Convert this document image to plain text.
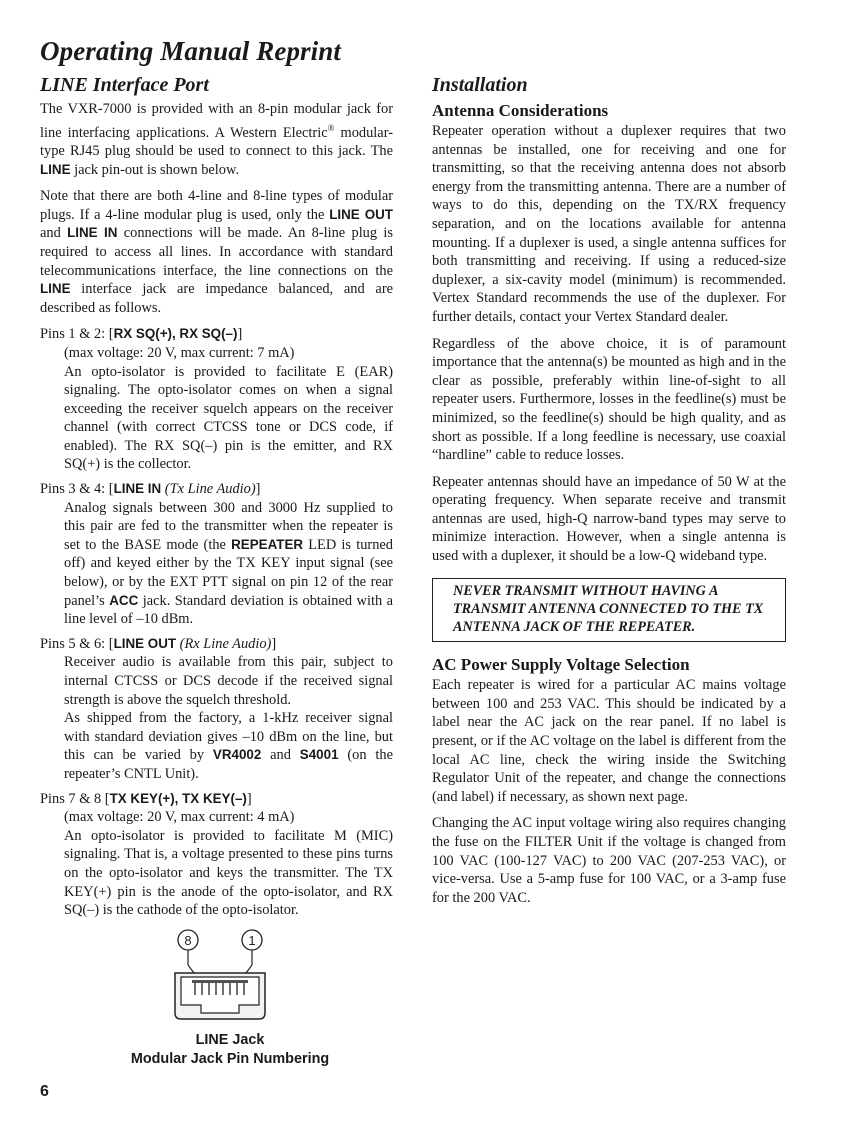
Operating Manual Reprint
LINE Interface Port

The VXR-7000 is provided with an 8-pin modular jack for line interfacing applications. A Western Electric® modular-type RJ45 plug should be used to connect to this jack. The LINE jack pin-out is shown below.

Note that there are both 4-line and 8-line types of modular plugs. If a 4-line modular plug is used, only the LINE OUT and LINE IN connections will be made. An 8-line plug is required to access all lines. In accordance with standard telecommunications interface, the line connections on the LINE interface jack are impedance balanced, and are described as follows.

Pins 1 & 2: [RX SQ(+), RX SQ(–)]

(max voltage: 20 V, max current: 7 mA)

An opto-isolator is provided to facilitate E (EAR) signaling. The opto-isolator comes on when a signal exceeding the receiver squelch appears on the receiver channel (with correct CTCSS tone or DCS code, if enabled). The RX SQ(–) pin is the emitter, and RX SQ(+) is the collector.

Pins 3 & 4: [LINE IN (Tx Line Audio)]

Analog signals between 300 and 3000 Hz supplied to this pair are fed to the transmitter when the repeater is set to the BASE mode (the REPEATER LED is turned off) and keyed either by the TX KEY input signal (see below), or by the EXT PTT signal on pin 12 of the rear panel’s ACC jack. Standard deviation is obtained with a line level of –10 dBm.

Pins 5 & 6: [LINE OUT (Rx Line Audio)]

Receiver audio is available from this pair, subject to internal CTCSS or DCS decode if the received signal strength is above the squelch threshold.

As shipped from the factory, a 1-kHz receiver signal with standard deviation gives –10 dBm on the line, but this can be varied by VR4002 and S4001 (on the repeater’s CNTL Unit).

Pins 7 & 8 [TX KEY(+), TX KEY(–)]

(max voltage: 20 V, max current: 4 mA)

An opto-isolator is provided to facilitate M (MIC) signaling. That is, a voltage presented to these pins turns on the opto-isolator and keys the transmitter. The TX KEY(+) pin is the anode of the opto-isolator, and RX SQ(–) is the cathode of the opto-isolator.

8	1
LINE Jack
Modular Jack Pin Numbering
Installation
Antenna Considerations

Repeater operation without a duplexer requires that two antennas be installed, one for receiving and one for transmitting, so that the receiving antenna does not absorb energy from the transmitting antenna. There are a number of ways to do this, depending on the TX/RX frequency separation, and on the locations available for antenna mounting. If a duplexer is used, a single antenna suffices for both transmitting and receiving. If using a reduced-size duplexer, a six-cavity model (minimum) is recommended. Vertex Standard recommends the use of the duplexer. For further details, contact your Vertex Standard dealer.

Regardless of the above choice, it is of paramount importance that the antenna(s) be mounted as high and in the clear as possible, preferably within line-of-sight to all repeater users. Furthermore, losses in the feedline(s) must be minimized, so the feedline(s) should be high quality, and as short as possible. If a long feedline is necessary, use coaxial “hardline” cable to reduce losses.

Repeater antennas should have an impedance of 50 W at the operating frequency. When separate receive and transmit antennas are used, high-Q narrow-band types may serve to minimize interaction. However, when a single antenna is used with a duplexer, it should be a low-Q wideband type.

NEVER TRANSMIT WITHOUT HAVING A TRANSMIT ANTENNA CONNECTED TO THE TX ANTENNA JACK OF THE REPEATER.

AC Power Supply Voltage Selection

Each repeater is wired for a particular AC mains voltage between 100 and 253 VAC. This should be indicated by a label near the AC jack on the rear panel. If no label is present, or if the AC voltage on the label is different from the local AC line, check the wiring inside the Switching Regulator Unit of the repeater, and change the connections (and label) if necessary, as shown next page.

Changing the AC input voltage wiring also requires changing the fuse on the FILTER Unit if the voltage is changed from 100 VAC (100-127 VAC) to 200 VAC (207-253 VAC), or vice-versa. Use a 5-amp fuse for 100 VAC, or a 3-amp fuse for the 200 VAC.

6
